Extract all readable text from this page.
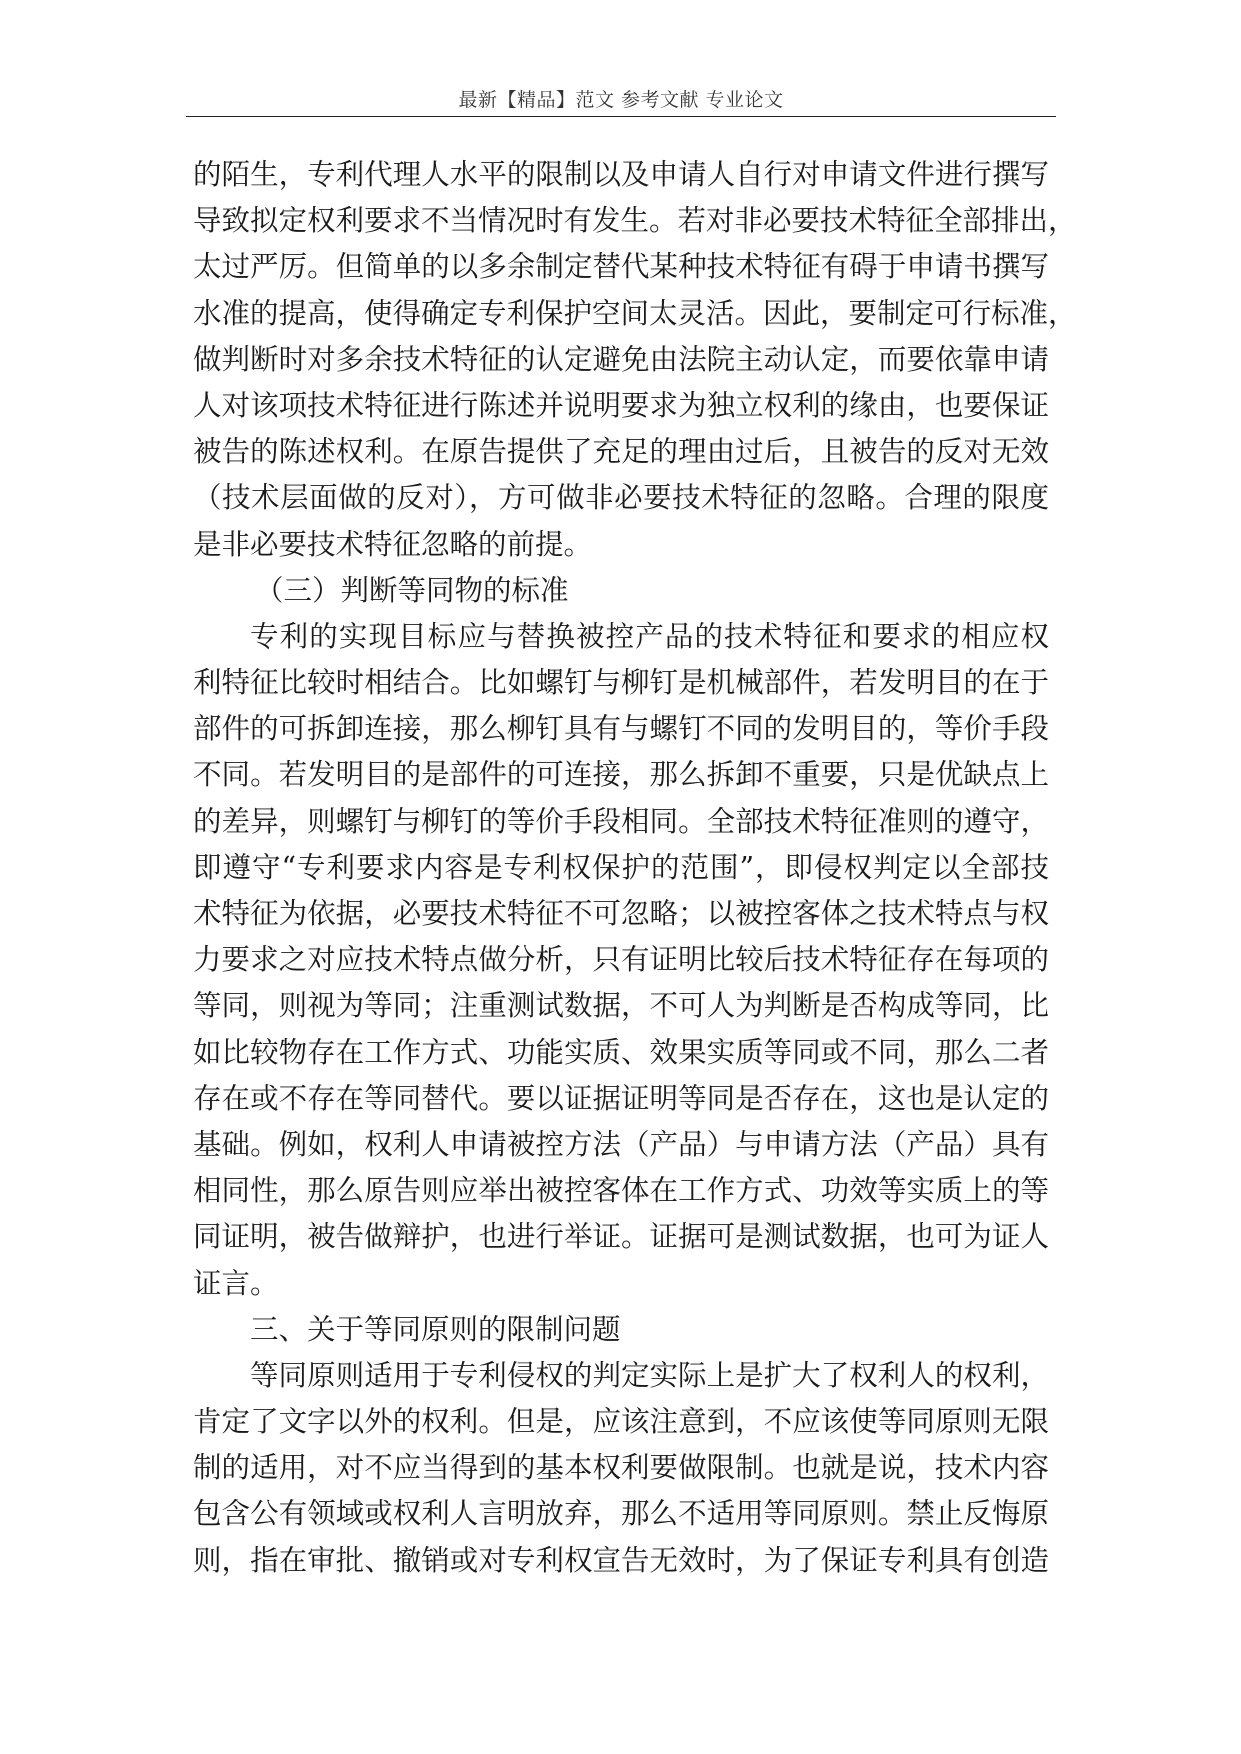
最新【精品】范文 参考文献 专业论文
的陌生，专利代理人水平的限制以及申请人自行对申请文件进行撰写
导致拟定权利要求不当情况时有发生。若对非必要技术特征全部排出，
太过严厉。但简单的以多余制定替代某种技术特征有碍于申请书撰写
水准的提高，使得确定专利保护空间太灵活。因此，要制定可行标准，
做判断时对多余技术特征的认定避免由法院主动认定，而要依靠申请
人对该项技术特征进行陈述并说明要求为独立权利的缘由，也要保证
被告的陈述权利。在原告提供了充足的理由过后，且被告的反对无效
（技术层面做的反对），方可做非必要技术特征的忽略。合理的限度
是非必要技术特征忽略的前提。
（三）判断等同物的标准
专利的实现目标应与替换被控产品的技术特征和要求的相应权
利特征比较时相结合。比如螺钉与柳钉是机械部件，若发明目的在于
部件的可拆卸连接，那么柳钉具有与螺钉不同的发明目的，等价手段
不同。若发明目的是部件的可连接，那么拆卸不重要，只是优缺点上
的差异，则螺钉与柳钉的等价手段相同。全部技术特征准则的遵守，
即遵守“专利要求内容是专利权保护的范围”，即侵权判定以全部技
术特征为依据，必要技术特征不可忽略；以被控客体之技术特点与权
力要求之对应技术特点做分析，只有证明比较后技术特征存在每项的
等同，则视为等同；注重测试数据，不可人为判断是否构成等同，比
如比较物存在工作方式、功能实质、效果实质等同或不同，那么二者
存在或不存在等同替代。要以证据证明等同是否存在，这也是认定的
基础。例如，权利人申请被控方法（产品）与申请方法（产品）具有
相同性，那么原告则应举出被控客体在工作方式、功效等实质上的等
同证明，被告做辩护，也进行举证。证据可是测试数据，也可为证人
证言。
三、关于等同原则的限制问题
等同原则适用于专利侵权的判定实际上是扩大了权利人的权利，
肯定了文字以外的权利。但是，应该注意到，不应该使等同原则无限
制的适用，对不应当得到的基本权利要做限制。也就是说，技术内容
包含公有领域或权利人言明放弃，那么不适用等同原则。禁止反悔原
则，指在审批、撤销或对专利权宣告无效时，为了保证专利具有创造
